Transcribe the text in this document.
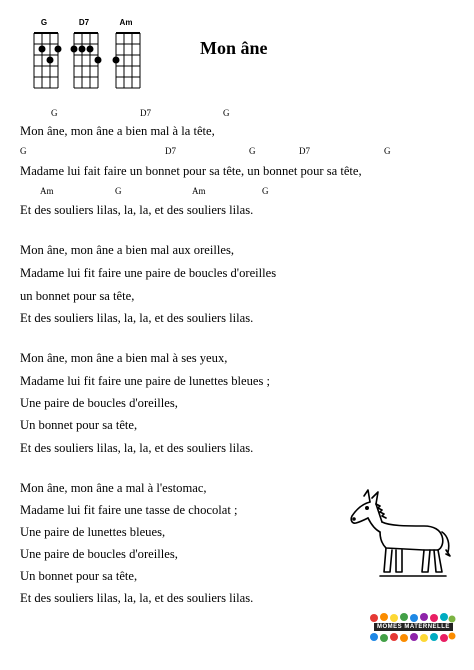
G	D7	Am
Mon âne
G	D7	G
Mon âne, mon âne a bien mal à la tête,
G	D7	G	D7	G
Madame lui fait faire un bonnet pour sa tête, un bonnet pour sa tête,
Am	G	Am	G
Et des souliers lilas, la, la, et des souliers lilas.
Mon âne, mon âne a bien mal aux oreilles,
Madame lui fit faire une paire de boucles d'oreilles
un bonnet pour sa tête,
Et des souliers lilas, la, la, et des souliers lilas.
Mon âne, mon âne a bien mal à ses yeux,
Madame lui fit faire une paire de lunettes bleues ;
Une paire de boucles d'oreilles,
Un bonnet pour sa tête,
Et des souliers lilas, la, la, et des souliers lilas.
Mon âne, mon âne a mal à l'estomac,
Madame lui fit faire une tasse de chocolat ;
Une paire de lunettes bleues,
Une paire de boucles d'oreilles,
Un bonnet pour sa tête,
Et des souliers lilas, la, la, et des souliers lilas.
MOMES MATERNELLE
